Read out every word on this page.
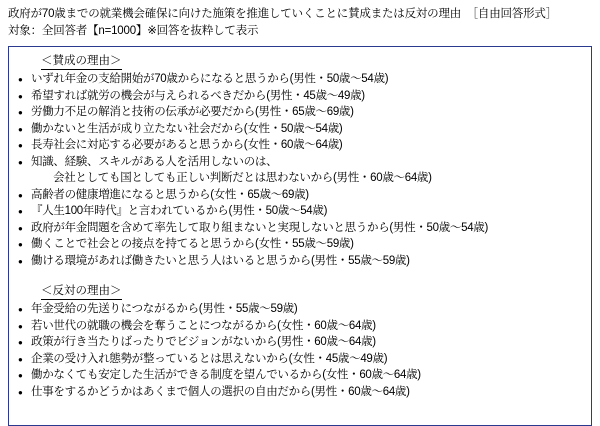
政府が70歳までの就業機会確保に向けた施策を推進していくことに賛成または反対の理由　［自由回答形式］
対象：全回答者【n=1000】※回答を抜粋して表示
＜賛成の理由＞
● いずれ年金の支給開始が70歳からになると思うから(男性・50歳～54歳)
● 希望すれば就労の機会が与えられるべきだから(男性・45歳～49歳)
● 労働力不足の解消と技術の伝承が必要だから(男性・65歳～69歳)
● 働かないと生活が成り立たない社会だから(女性・50歳～54歳)
● 長寿社会に対応する必要があると思うから(女性・60歳～64歳)
● 知識、経験、スキルがある人を活用しないのは、
会社としても国としても正しい判断だとは思わないから(男性・60歳～64歳)
● 高齢者の健康増進になると思うから(女性・65歳～69歳)
● 『人生100年時代』と言われているから(男性・50歳～54歳)
● 政府が年金問題を含めて率先して取り組まないと実現しないと思うから(男性・50歳～54歳)
● 働くことで社会との接点を持てると思うから(女性・55歳～59歳)
● 働ける環境があれば働きたいと思う人はいると思うから(男性・55歳～59歳)
＜反対の理由＞
● 年金受給の先送りにつながるから(男性・55歳～59歳)
● 若い世代の就職の機会を奪うことにつながるから(女性・60歳～64歳)
● 政策が行き当たりばったりでビジョンがないから(男性・60歳～64歳)
● 企業の受け入れ態勢が整っているとは思えないから(女性・45歳～49歳)
● 働かなくても安定した生活ができる制度を望んでいるから(女性・60歳～64歳)
● 仕事をするかどうかはあくまで個人の選択の自由だから(男性・60歳～64歳)
